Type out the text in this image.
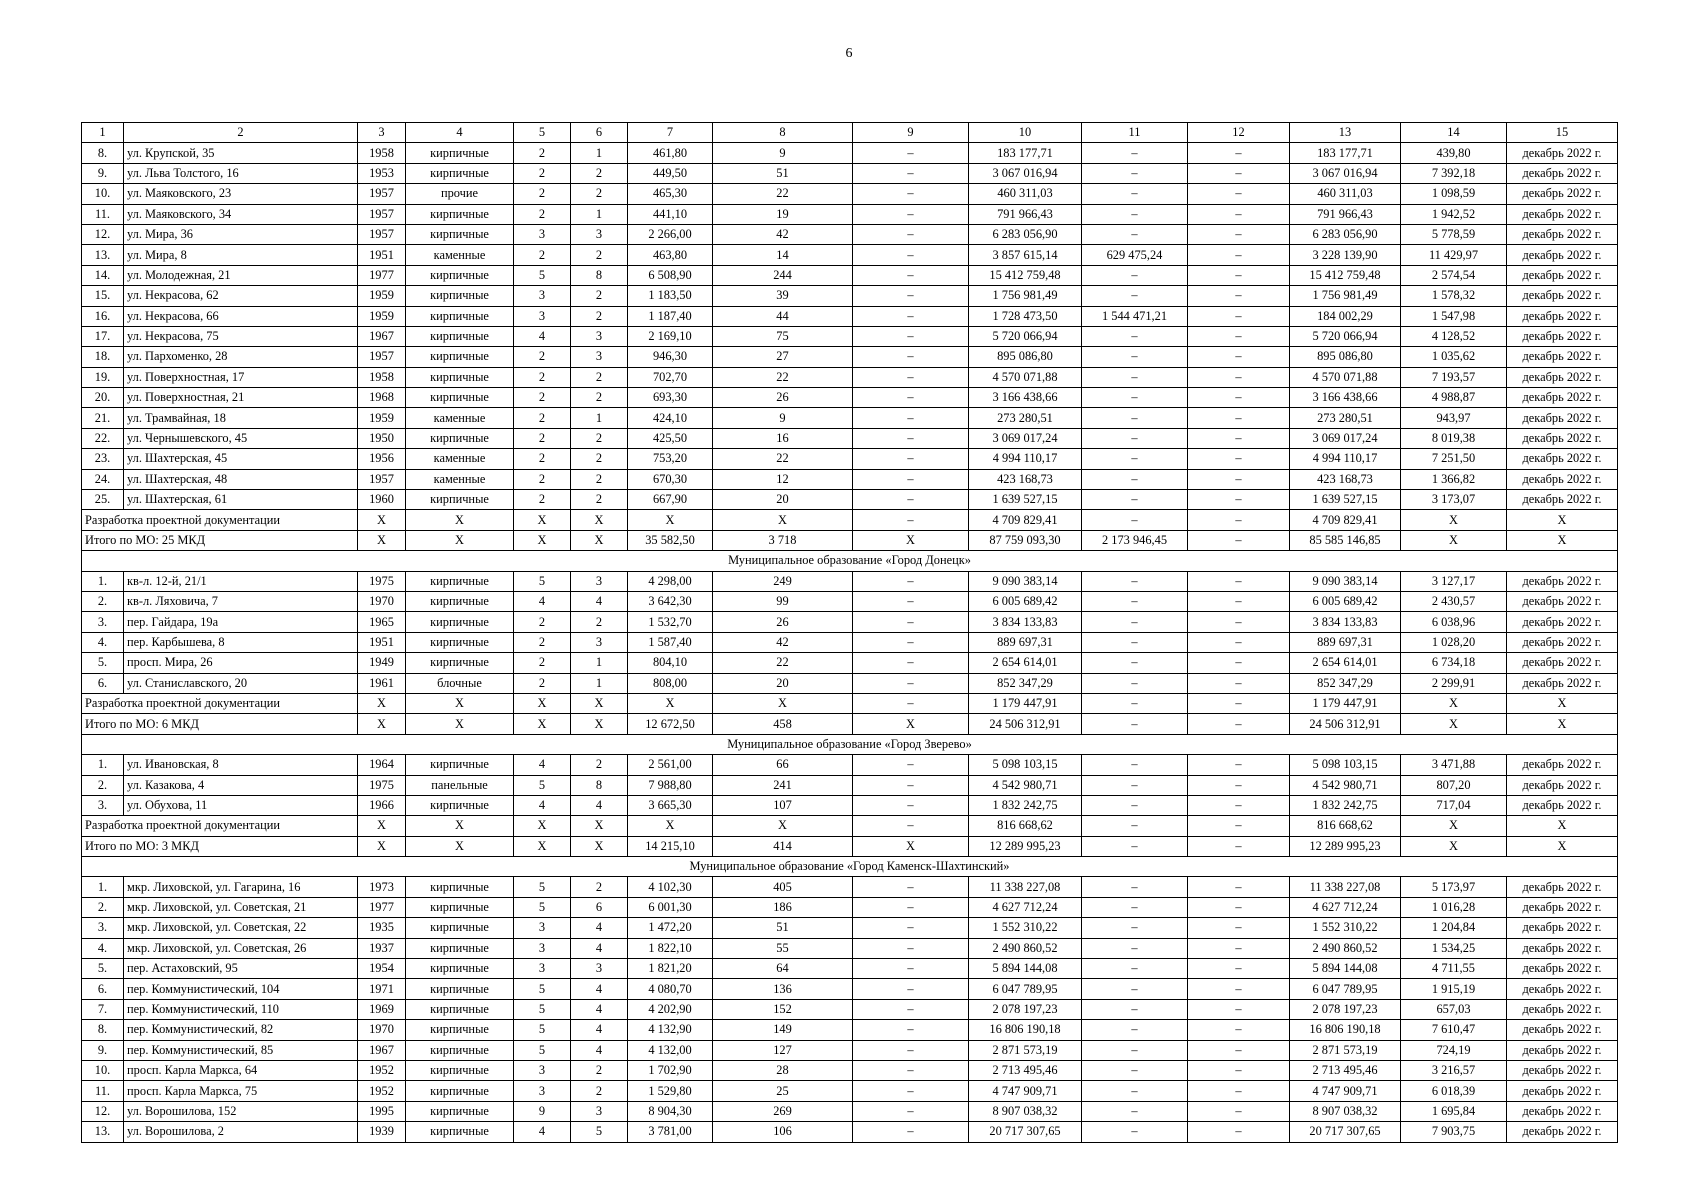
6
1	2	3	4	5	6	7	8	9	10	11	12	13	14	15
8.	ул. Крупской, 35	1958	кирпичные	2	1	461,80	9	–	183 177,71	–	–	183 177,71	439,80	декабрь 2022 г.
9.	ул. Льва Толстого, 16	1953	кирпичные	2	2	449,50	51	–	3 067 016,94	–	–	3 067 016,94	7 392,18	декабрь 2022 г.
10.	ул. Маяковского, 23	1957	прочие	2	2	465,30	22	–	460 311,03	–	–	460 311,03	1 098,59	декабрь 2022 г.
11.	ул. Маяковского, 34	1957	кирпичные	2	1	441,10	19	–	791 966,43	–	–	791 966,43	1 942,52	декабрь 2022 г.
12.	ул. Мира, 36	1957	кирпичные	3	3	2 266,00	42	–	6 283 056,90	–	–	6 283 056,90	5 778,59	декабрь 2022 г.
13.	ул. Мира, 8	1951	каменные	2	2	463,80	14	–	3 857 615,14	629 475,24	–	3 228 139,90	11 429,97	декабрь 2022 г.
14.	ул. Молодежная, 21	1977	кирпичные	5	8	6 508,90	244	–	15 412 759,48	–	–	15 412 759,48	2 574,54	декабрь 2022 г.
15.	ул. Некрасова, 62	1959	кирпичные	3	2	1 183,50	39	–	1 756 981,49	–	–	1 756 981,49	1 578,32	декабрь 2022 г.
16.	ул. Некрасова, 66	1959	кирпичные	3	2	1 187,40	44	–	1 728 473,50	1 544 471,21	–	184 002,29	1 547,98	декабрь 2022 г.
17.	ул. Некрасова, 75	1967	кирпичные	4	3	2 169,10	75	–	5 720 066,94	–	–	5 720 066,94	4 128,52	декабрь 2022 г.
18.	ул. Пархоменко, 28	1957	кирпичные	2	3	946,30	27	–	895 086,80	–	–	895 086,80	1 035,62	декабрь 2022 г.
19.	ул. Поверхностная, 17	1958	кирпичные	2	2	702,70	22	–	4 570 071,88	–	–	4 570 071,88	7 193,57	декабрь 2022 г.
20.	ул. Поверхностная, 21	1968	кирпичные	2	2	693,30	26	–	3 166 438,66	–	–	3 166 438,66	4 988,87	декабрь 2022 г.
21.	ул. Трамвайная, 18	1959	каменные	2	1	424,10	9	–	273 280,51	–	–	273 280,51	943,97	декабрь 2022 г.
22.	ул. Чернышевского, 45	1950	кирпичные	2	2	425,50	16	–	3 069 017,24	–	–	3 069 017,24	8 019,38	декабрь 2022 г.
23.	ул. Шахтерская, 45	1956	каменные	2	2	753,20	22	–	4 994 110,17	–	–	4 994 110,17	7 251,50	декабрь 2022 г.
24.	ул. Шахтерская, 48	1957	каменные	2	2	670,30	12	–	423 168,73	–	–	423 168,73	1 366,82	декабрь 2022 г.
25.	ул. Шахтерская, 61	1960	кирпичные	2	2	667,90	20	–	1 639 527,15	–	–	1 639 527,15	3 173,07	декабрь 2022 г.
Разработка проектной документации		X	X	X	X	X	X	–	4 709 829,41	–	–	4 709 829,41	X	X
Итого по МО: 25 МКД		X	X	X	X	35 582,50	3 718	X	87 759 093,30	2 173 946,45	–	85 585 146,85	X	X
Муниципальное образование «Город Донецк»														
1.	кв-л. 12-й, 21/1	1975	кирпичные	5	3	4 298,00	249	–	9 090 383,14	–	–	9 090 383,14	3 127,17	декабрь 2022 г.
2.	кв-л. Ляховича, 7	1970	кирпичные	4	4	3 642,30	99	–	6 005 689,42	–	–	6 005 689,42	2 430,57	декабрь 2022 г.
3.	пер. Гайдара, 19а	1965	кирпичные	2	2	1 532,70	26	–	3 834 133,83	–	–	3 834 133,83	6 038,96	декабрь 2022 г.
4.	пер. Карбышева, 8	1951	кирпичные	2	3	1 587,40	42	–	889 697,31	–	–	889 697,31	1 028,20	декабрь 2022 г.
5.	просп. Мира, 26	1949	кирпичные	2	1	804,10	22	–	2 654 614,01	–	–	2 654 614,01	6 734,18	декабрь 2022 г.
6.	ул. Станиславского, 20	1961	блочные	2	1	808,00	20	–	852 347,29	–	–	852 347,29	2 299,91	декабрь 2022 г.
Разработка проектной документации		X	X	X	X	X	X	–	1 179 447,91	–	–	1 179 447,91	X	X
Итого по МО: 6 МКД		X	X	X	X	12 672,50	458	X	24 506 312,91	–	–	24 506 312,91	X	X
Муниципальное образование «Город Зверево»														
1.	ул. Ивановская, 8	1964	кирпичные	4	2	2 561,00	66	–	5 098 103,15	–	–	5 098 103,15	3 471,88	декабрь 2022 г.
2.	ул. Казакова, 4	1975	панельные	5	8	7 988,80	241	–	4 542 980,71	–	–	4 542 980,71	807,20	декабрь 2022 г.
3.	ул. Обухова, 11	1966	кирпичные	4	4	3 665,30	107	–	1 832 242,75	–	–	1 832 242,75	717,04	декабрь 2022 г.
Разработка проектной документации		X	X	X	X	X	X	–	816 668,62	–	–	816 668,62	X	X
Итого по МО: 3 МКД		X	X	X	X	14 215,10	414	X	12 289 995,23	–	–	12 289 995,23	X	X
Муниципальное образование «Город Каменск-Шахтинский»														
1.	мкр. Лиховской, ул. Гагарина, 16	1973	кирпичные	5	2	4 102,30	405	–	11 338 227,08	–	–	11 338 227,08	5 173,97	декабрь 2022 г.
2.	мкр. Лиховской, ул. Советская, 21	1977	кирпичные	5	6	6 001,30	186	–	4 627 712,24	–	–	4 627 712,24	1 016,28	декабрь 2022 г.
3.	мкр. Лиховской, ул. Советская, 22	1935	кирпичные	3	4	1 472,20	51	–	1 552 310,22	–	–	1 552 310,22	1 204,84	декабрь 2022 г.
4.	мкр. Лиховской, ул. Советская, 26	1937	кирпичные	3	4	1 822,10	55	–	2 490 860,52	–	–	2 490 860,52	1 534,25	декабрь 2022 г.
5.	пер. Астаховский, 95	1954	кирпичные	3	3	1 821,20	64	–	5 894 144,08	–	–	5 894 144,08	4 711,55	декабрь 2022 г.
6.	пер. Коммунистический, 104	1971	кирпичные	5	4	4 080,70	136	–	6 047 789,95	–	–	6 047 789,95	1 915,19	декабрь 2022 г.
7.	пер. Коммунистический, 110	1969	кирпичные	5	4	4 202,90	152	–	2 078 197,23	–	–	2 078 197,23	657,03	декабрь 2022 г.
8.	пер. Коммунистический, 82	1970	кирпичные	5	4	4 132,90	149	–	16 806 190,18	–	–	16 806 190,18	7 610,47	декабрь 2022 г.
9.	пер. Коммунистический, 85	1967	кирпичные	5	4	4 132,00	127	–	2 871 573,19	–	–	2 871 573,19	724,19	декабрь 2022 г.
10.	просп. Карла Маркса, 64	1952	кирпичные	3	2	1 702,90	28	–	2 713 495,46	–	–	2 713 495,46	3 216,57	декабрь 2022 г.
11.	просп. Карла Маркса, 75	1952	кирпичные	3	2	1 529,80	25	–	4 747 909,71	–	–	4 747 909,71	6 018,39	декабрь 2022 г.
12.	ул. Ворошилова, 152	1995	кирпичные	9	3	8 904,30	269	–	8 907 038,32	–	–	8 907 038,32	1 695,84	декабрь 2022 г.
13.	ул. Ворошилова, 2	1939	кирпичные	4	5	3 781,00	106	–	20 717 307,65	–	–	20 717 307,65	7 903,75	декабрь 2022 г.
